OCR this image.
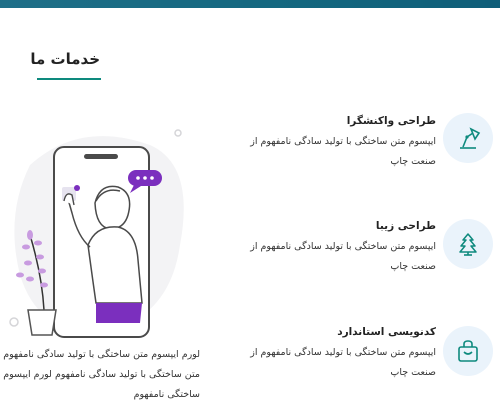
خدمات ما
طراحی واکنشگرا
ایپسوم متن ساختگی با تولید سادگی نامفهوم از صنعت چاپ
طراحی زیبا
ایپسوم متن ساختگی با تولید سادگی نامفهوم از صنعت چاپ
کدنویسی استاندارد
ایپسوم متن ساختگی با تولید سادگی نامفهوم از صنعت چاپ
لورم ایپسوم متن ساختگی با تولید سادگی نامفهوم متن ساختگی با تولید سادگی نامفهوم لورم ایپسوم ساختگی نامفهوم
